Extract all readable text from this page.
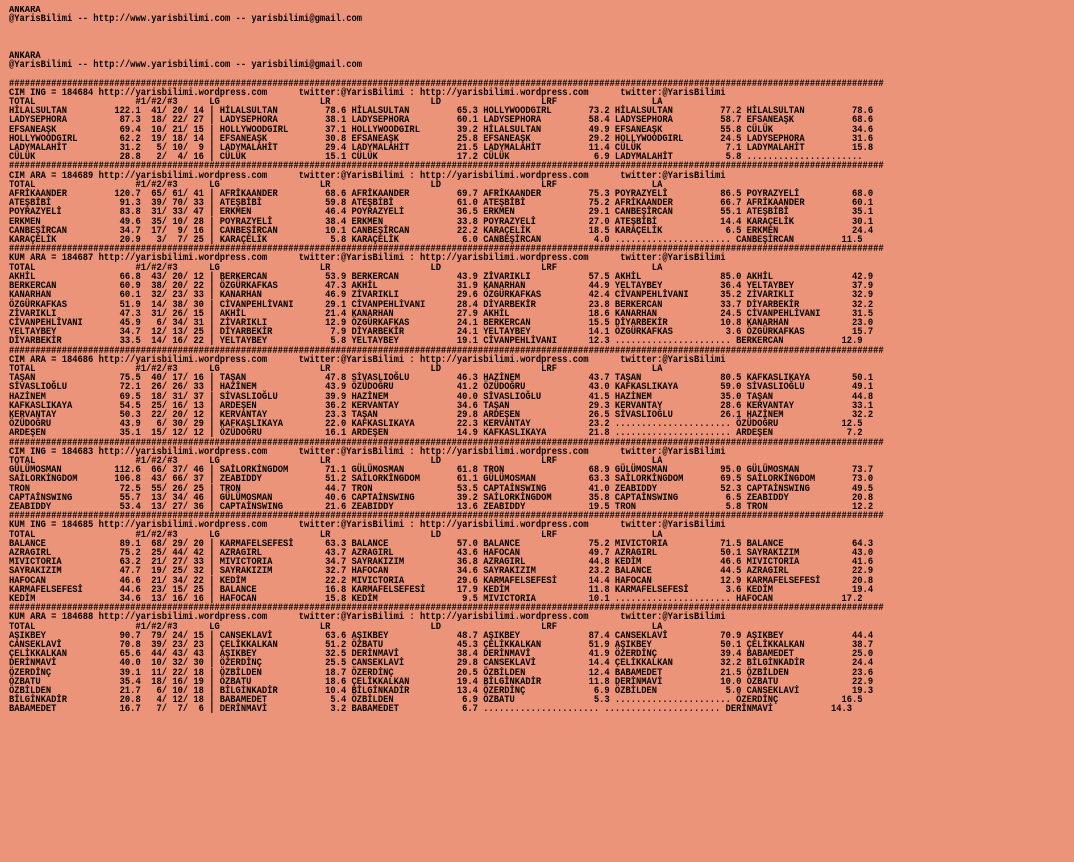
ANKARA
@YarisBilimi -- http://www.yarisbilimi.com -- yarisbilimi@gmail.com

ANKARA
@YarisBilimi -- http://www.yarisbilimi.com -- yarisbilimi@gmail.com

######################################################################################################################################################################
CIM ING = 184684 http://yarisbilimi.wordpress.com      twitter:@YarisBilimi : http://yarisbilimi.wordpress.com      twitter:@YarisBilimi
TOTAL                   #1/#2/#3      LG                   LR                   LD                   LRF                  LA
HİLALSULTAN         122.1  41/ 20/ 14 | HİLALSULTAN         78.6 HİLALSULTAN         65.3 HOLLYWOODGIRL       73.2 HİLALSULTAN         77.2 HİLALSULTAN         78.6
LADYSEPHORA          87.3  18/ 22/ 27 | LADYSEPHORA         38.1 LADYSEPHORA         60.1 LADYSEPHORA         58.4 LADYSEPHORA         58.7 EFSANEAŞK           68.6
EFSANEAŞK            69.4  10/ 21/ 15 | HOLLYWOODGIRL       37.1 HOLLYWOODGIRL       39.2 HİLALSULTAN         49.9 EFSANEAŞK           55.8 CÜLÜK               34.6
HOLLYWOODGIRL        62.2  19/ 18/ 14 | EFSANEAŞK           30.8 EFSANEAŞK           25.8 EFSANEAŞK           29.2 HOLLYWOODGIRL       24.5 LADYSEPHORA         31.6
LADYMALAHİT          31.2   5/ 10/  9 | LADYMALAHİT         29.4 LADYMALAHİT         21.5 LADYMALAHİT         11.4 CÜLÜK                7.1 LADYMALAHİT         15.8
CÜLÜK                28.8   2/  4/ 16 | CÜLÜK               15.1 CÜLÜK               17.2 CÜLÜK                6.9 LADYMALAHİT          5.8 ......................
######################################################################################################################################################################
CIM ARA = 184689 http://yarisbilimi.wordpress.com      twitter:@YarisBilimi : http://yarisbilimi.wordpress.com      twitter:@YarisBilimi
TOTAL                   #1/#2/#3      LG                   LR                   LD                   LRF                  LA
AFRİKAANDER         120.7  65/ 61/ 41 | AFRİKAANDER         68.6 AFRİKAANDER         69.7 AFRİKAANDER         75.3 POYRAZYELİ          86.5 POYRAZYELİ          68.0
ATEŞBİBİ             91.3  39/ 70/ 33 | ATEŞBİBİ            59.8 ATEŞBİBİ            61.0 ATEŞBİBİ            75.2 AFRİKAANDER         66.7 AFRİKAANDER         60.1
POYRAZYELİ           83.8  31/ 33/ 47 | ERKMEN              46.4 POYRAZYELİ          36.5 ERKMEN              29.1 CANBEŞİRCAN         55.1 ATEŞBİBİ            35.1
ERKMEN               49.6  35/ 10/ 28 | POYRAZYELİ          38.4 ERKMEN              33.8 POYRAZYELİ          27.0 ATEŞBİBİ            14.4 KARAÇELİK           30.1
CANBEŞİRCAN          34.7  17/  9/ 16 | CANBEŞİRCAN         10.1 CANBEŞİRCAN         22.2 KARAÇELİK           18.5 KARAÇELİK            6.5 ERKMEN              24.4
KARAÇELİK            20.9   3/  7/ 25 | KARAÇELİK            5.8 KARAÇELİK            6.0 CANBEŞİRCAN          4.0 ...................... CANBEŞİRCAN         11.5
######################################################################################################################################################################
KUM ARA = 184687 http://yarisbilimi.wordpress.com      twitter:@YarisBilimi : http://yarisbilimi.wordpress.com      twitter:@YarisBilimi
TOTAL                   #1/#2/#3      LG                   LR                   LD                   LRF                  LA
AKHİL                66.8  43/ 20/ 12 | BERKERCAN           53.9 BERKERCAN           43.9 ZİVARIKLI           57.5 AKHİL               85.0 AKHİL               42.9
BERKERCAN            60.9  38/ 20/ 22 | ÖZGÜRKAFKAS         47.3 AKHİL               31.9 KANARHAN            44.9 YELTAYBEY           36.4 YELTAYBEY           37.9
KANARHAN             60.1  32/ 23/ 33 | KANARHAN            46.9 ZİVARIKLI           29.6 ÖZGÜRKAFKAS         42.4 CİVANPEHLİVANI      35.2 ZİVARIKLI           32.9
ÖZGÜRKAFKAS          51.9  14/ 38/ 30 | CİVANPEHLİVANI      29.1 CİVANPEHLİVANI      28.4 DİYARBEKİR          23.8 BERKERCAN           33.7 DİYARBEKİR          32.2
ZİVARIKLI            47.3  31/ 26/ 15 | AKHİL               21.4 KANARHAN            27.9 AKHİL               18.6 KANARHAN            24.5 CİVANPEHLİVANI      31.5
CİVANPEHLİVANI       45.9   6/ 34/ 31 | ZİVARIKLI           12.9 ÖZGÜRKAFKAS         24.1 BERKERCAN           15.5 DİYARBEKİR          10.8 KANARHAN            23.0
YELTAYBEY            34.7  12/ 13/ 25 | DİYARBEKİR           7.9 DİYARBEKİR          24.1 YELTAYBEY           14.1 ÖZGÜRKAFKAS          3.6 ÖZGÜRKAFKAS         15.7
DİYARBEKİR           33.5  14/ 16/ 22 | YELTAYBEY            5.8 YELTAYBEY           19.1 CİVANPEHLİVANI      12.3 ...................... BERKERCAN           12.9
######################################################################################################################################################################
CIM ARA = 184686 http://yarisbilimi.wordpress.com      twitter:@YarisBilimi : http://yarisbilimi.wordpress.com      twitter:@YarisBilimi
TOTAL                   #1/#2/#3      LG                   LR                   LD                   LRF                  LA
TAŞAN                75.5  40/ 17/ 16 | TAŞAN               47.8 SİVASLIOĞLU         46.3 HAZİNEM             43.7 TAŞAN               80.5 KAFKASLIKAYA        50.1
SİVASLIOĞLU          72.1  26/ 26/ 33 | HAZİNEM             43.9 ÖZÜDOĞRU            41.2 ÖZÜDOĞRU            43.0 KAFKASLIKAYA        59.0 SİVASLIOĞLU         49.1
HAZİNEM              69.5  18/ 31/ 37 | SİVASLIOĞLU         39.9 HAZİNEM             40.0 SİVASLIOĞLU         41.5 HAZİNEM             35.0 TAŞAN               44.8
KAFKASLIKAYA         54.5  25/ 16/ 13 | ARDEŞEN             36.2 KERVANTAY           34.6 TAŞAN               29.3 KERVANTAY           28.6 KERVANTAY           33.1
KERVANTAY            50.3  22/ 20/ 12 | KERVANTAY           23.3 TAŞAN               29.8 ARDEŞEN             26.5 SİVASLIOĞLU         26.1 HAZİNEM             32.2
ÖZÜDOĞRU             43.9   6/ 30/ 29 | KAFKASLIKAYA        22.0 KAFKASLIKAYA        22.3 KERVANTAY           23.2 ...................... ÖZÜDOĞRU            12.5
ARDEŞEN              35.1  15/ 12/ 12 | ÖZÜDOĞRU            16.1 ARDEŞEN             14.9 KAFKASLIKAYA        21.8 ...................... ARDEŞEN              7.2
######################################################################################################################################################################
CIM ING = 184683 http://yarisbilimi.wordpress.com      twitter:@YarisBilimi : http://yarisbilimi.wordpress.com      twitter:@YarisBilimi
TOTAL                   #1/#2/#3      LG                   LR                   LD                   LRF                  LA
GÜLÜMOSMAN          112.6  66/ 37/ 46 | SAİLORKİNGDOM       71.1 GÜLÜMOSMAN          61.8 TRON                68.9 GÜLÜMOSMAN          95.0 GÜLÜMOSMAN          73.7
SAİLORKİNGDOM       106.8  43/ 66/ 37 | ZEABIDDY            51.2 SAİLORKİNGDOM       61.1 GÜLÜMOSMAN          63.3 SAİLORKİNGDOM       69.5 SAİLORKİNGDOM       73.0
TRON                 72.5  55/ 26/ 25 | TRON                44.7 TRON                53.5 CAPTAİNSWING        41.0 ZEABIDDY            52.3 CAPTAİNSWING        49.5
CAPTAİNSWING         55.7  13/ 34/ 46 | GÜLÜMOSMAN          40.6 CAPTAİNSWING        39.2 SAİLORKİNGDOM       35.8 CAPTAİNSWING         6.5 ZEABIDDY            20.8
ZEABIDDY             53.4  13/ 27/ 36 | CAPTAİNSWING        21.6 ZEABIDDY            13.6 ZEABIDDY            19.5 TRON                 5.8 TRON                12.2
######################################################################################################################################################################
KUM ING = 184685 http://yarisbilimi.wordpress.com      twitter:@YarisBilimi : http://yarisbilimi.wordpress.com      twitter:@YarisBilimi
TOTAL                   #1/#2/#3      LG                   LR                   LD                   LRF                  LA
BALANCE              89.1  68/ 29/ 20 | KARMAFELSEFESİ      63.3 BALANCE             57.0 BALANCE             75.2 MIVICTORIA          71.5 BALANCE             64.3
AZRAGIRL             75.2  25/ 44/ 42 | AZRAGIRL            43.7 AZRAGIRL            43.6 HAFOCAN             49.7 AZRAGIRL            50.1 SAYRAKIZIM          43.0
MIVICTORIA           63.2  21/ 27/ 33 | MIVICTORIA          34.7 SAYRAKIZIM          36.8 AZRAGIRL            44.8 KEDİM               46.6 MIVICTORIA          41.6
SAYRAKIZIM           47.7  19/ 25/ 32 | SAYRAKIZIM          32.7 HAFOCAN             34.6 SAYRAKIZIM          23.2 BALANCE             44.5 AZRAGIRL            22.9
HAFOCAN              46.6  21/ 34/ 22 | KEDİM               22.2 MIVICTORIA          29.6 KARMAFELSEFESİ      14.4 HAFOCAN             12.9 KARMAFELSEFESİ      20.8
KARMAFELSEFESİ       44.6  23/ 15/ 25 | BALANCE             16.8 KARMAFELSEFESİ      17.9 KEDİM               11.8 KARMAFELSEFESİ       3.6 KEDİM               19.4
KEDİM                34.6  13/ 16/ 16 | HAFOCAN             15.8 KEDİM                9.5 MIVICTORIA          10.1 ...................... HAFOCAN             17.2
######################################################################################################################################################################
KUM ARA = 184688 http://yarisbilimi.wordpress.com      twitter:@YarisBilimi : http://yarisbilimi.wordpress.com      twitter:@YarisBilimi
TOTAL                   #1/#2/#3      LG                   LR                   LD                   LRF                  LA
AŞIKBEY              90.7  79/ 24/ 15 | CANSEKLAVİ          63.6 AŞIKBEY             48.7 AŞIKBEY             87.4 CANSEKLAVİ          70.9 AŞIKBEY             44.4
CANSEKLAVİ           70.8  39/ 23/ 23 | ÇELİKKALKAN         51.2 ÖZBATU              45.3 ÇELİKKALKAN         51.9 AŞIKBEY             50.1 ÇELİKKALKAN         38.7
ÇELİKKALKAN          65.6  44/ 43/ 43 | AŞIKBEY             32.5 DERİNMAVİ           38.4 DERİNMAVİ           41.9 ÖZERDİNÇ            39.4 BABAMEDET           25.0
DERİNMAVİ            40.0  10/ 32/ 30 | ÖZERDİNÇ            25.5 CANSEKLAVİ          29.8 CANSEKLAVİ          14.4 ÇELİKKALKAN         32.2 BİLGİNKADİR         24.4
ÖZERDİNÇ             39.1  11/ 22/ 18 | ÖZBİLDEN            18.7 ÖZERDİNÇ            20.5 ÖZBİLDEN            12.4 BABAMEDET           21.5 ÖZBİLDEN            23.6
ÖZBATU               35.4  18/ 16/ 19 | ÖZBATU              18.6 ÇELİKKALKAN         19.4 BİLGİNKADİR         11.8 DERİNMAVİ           10.0 ÖZBATU              22.9
ÖZBİLDEN             21.7   6/ 10/ 18 | BİLGİNKADİR         10.4 BİLGİNKADİR         13.4 ÖZERDİNÇ             6.9 ÖZBİLDEN             5.0 CANSEKLAVİ          19.3
BİLGİNKADİR          20.8   4/ 12/ 18 | BABAMEDET            5.4 ÖZBİLDEN             6.9 ÖZBATU               5.3 ...................... ÖZERDİNÇ            16.5
BABAMEDET            16.7   7/  7/  6 | DERİNMAVİ            3.2 BABAMEDET            6.7 ...................... ...................... DERİNMAVİ           14.3
